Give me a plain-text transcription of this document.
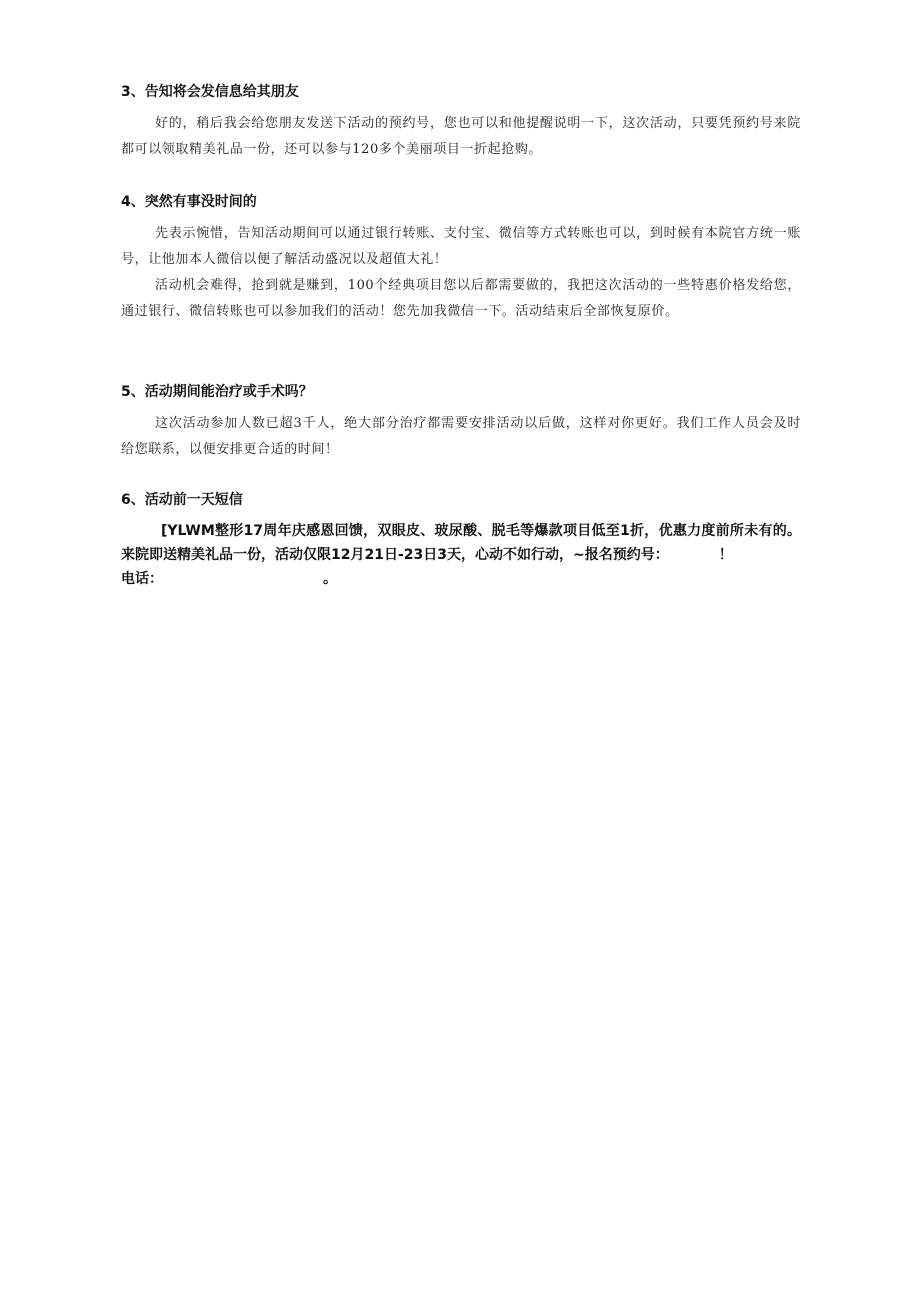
3、告知将会发信息给其朋友

好的，稍后我会给您朋友发送下活动的预约号，您也可以和他提醒说明一下，这次活动，只要凭预约号来院都可以领取精美礼品一份，还可以参与120多个美丽项目一折起抢购。

4、突然有事没时间的

先表示惋惜，告知活动期间可以通过银行转账、支付宝、微信等方式转账也可以，到时候有本院官方统一账号，让他加本人微信以便了解活动盛况以及超值大礼！

活动机会难得，抢到就是赚到，100个经典项目您以后都需要做的，我把这次活动的一些特惠价格发给您，通过银行、微信转账也可以参加我们的活动！您先加我微信一下。活动结束后全部恢复原价。

5、活动期间能治疗或手术吗？

这次活动参加人数已超3千人，绝大部分治疗都需要安排活动以后做，这样对你更好。我们工作人员会及时给您联系，以便安排更合适的时间！

6、活动前一天短信

[YLWM整形17周年庆感恩回馈，双眼皮、玻尿酸、脱毛等爆款项目低至1折，优惠力度前所未有的。来院即送精美礼品一份，活动仅限12月21日-23日3天，心动不如行动，~报名预约号：	！
电话：	。
